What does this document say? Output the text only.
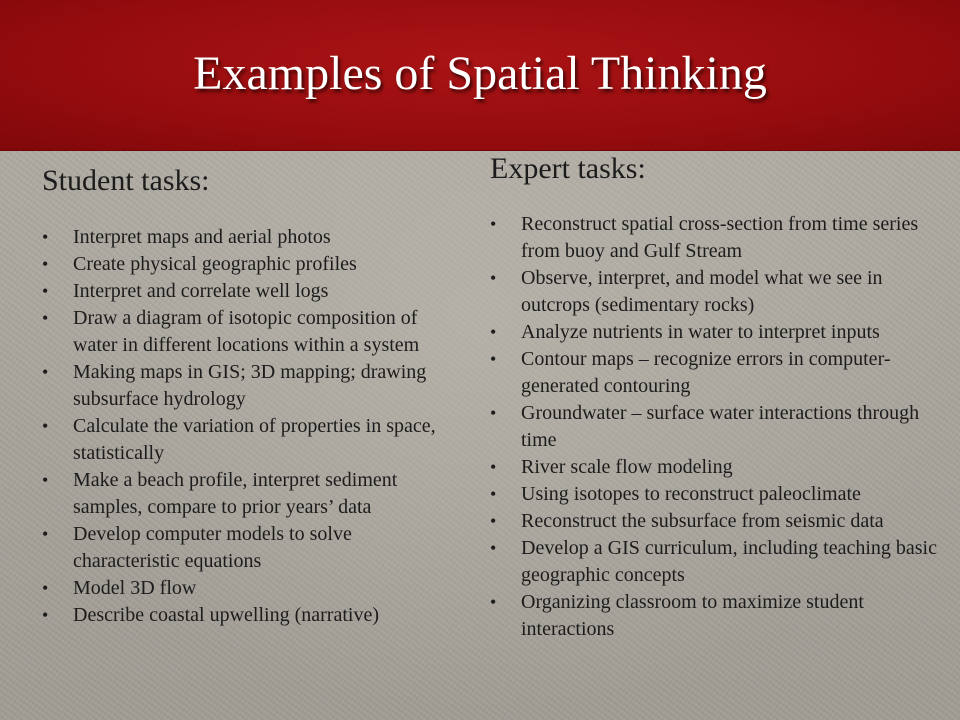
Examples of Spatial Thinking
Student tasks:
• Interpret maps and aerial photos
• Create physical geographic profiles
• Interpret and correlate well logs
• Draw a diagram of isotopic composition of water in different locations within a system
• Making maps in GIS; 3D mapping; drawing subsurface hydrology
• Calculate the variation of properties in space, statistically
• Make a beach profile, interpret sediment samples, compare to prior years’ data
• Develop computer models to solve characteristic equations
• Model 3D flow
• Describe coastal upwelling (narrative)
Expert tasks:
• Reconstruct spatial cross-section from time series from buoy and Gulf Stream
• Observe, interpret, and model what we see in outcrops (sedimentary rocks)
• Analyze nutrients in water to interpret inputs
• Contour maps – recognize errors in computer-generated contouring
• Groundwater – surface water interactions through time
• River scale flow modeling
• Using isotopes to reconstruct paleoclimate
• Reconstruct the subsurface from seismic data
• Develop a GIS curriculum, including teaching basic geographic concepts
• Organizing classroom to maximize student interactions
